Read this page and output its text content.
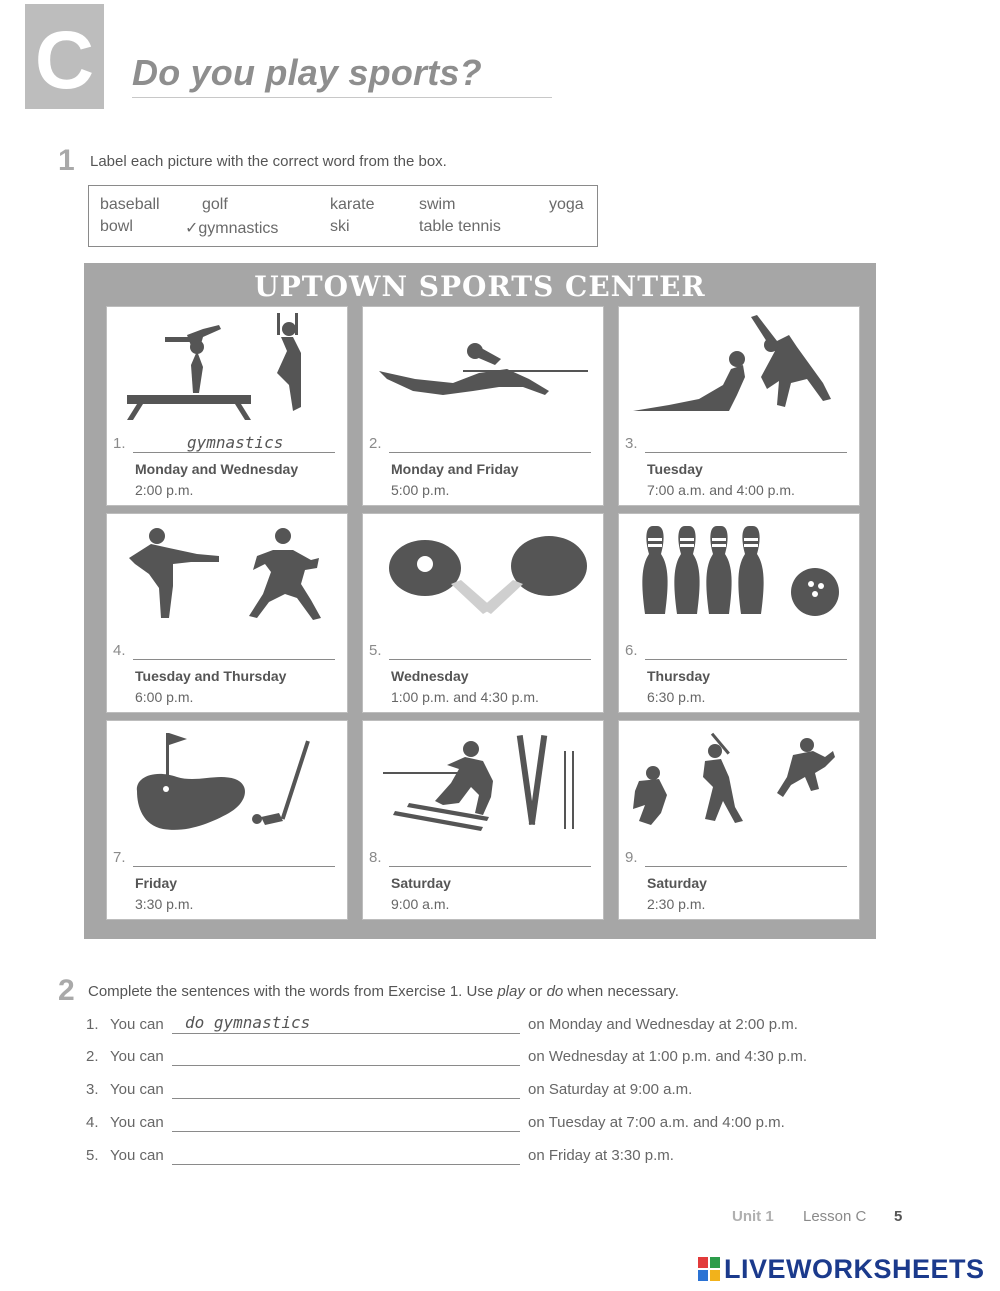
C Do you play sports?
1 Label each picture with the correct word from the box.
baseball	golf	karate	swim	yoga
bowl	✓gymnastics	ski	table tennis
UPTOWN SPORTS CENTER
1.	gymnastics
Monday and Wednesday
2:00 p.m.
2.
Monday and Friday
5:00 p.m.
3.
Tuesday
7:00 a.m. and 4:00 p.m.
4.
Tuesday and Thursday
6:00 p.m.
5.
Wednesday
1:00 p.m. and 4:30 p.m.
6.
Thursday
6:30 p.m.
7.
Friday
3:30 p.m.
8.
Saturday
9:00 a.m.
9.
Saturday
2:30 p.m.
2 Complete the sentences with the words from Exercise 1. Use play or do when necessary.
1. You can do gymnastics	on Monday and Wednesday at 2:00 p.m.
2. You can	on Wednesday at 1:00 p.m. and 4:30 p.m.
3. You can	on Saturday at 9:00 a.m.
4. You can	on Tuesday at 7:00 a.m. and 4:00 p.m.
5. You can	on Friday at 3:30 p.m.
Unit 1 Lesson C 5
LIVEWORKSHEETS
